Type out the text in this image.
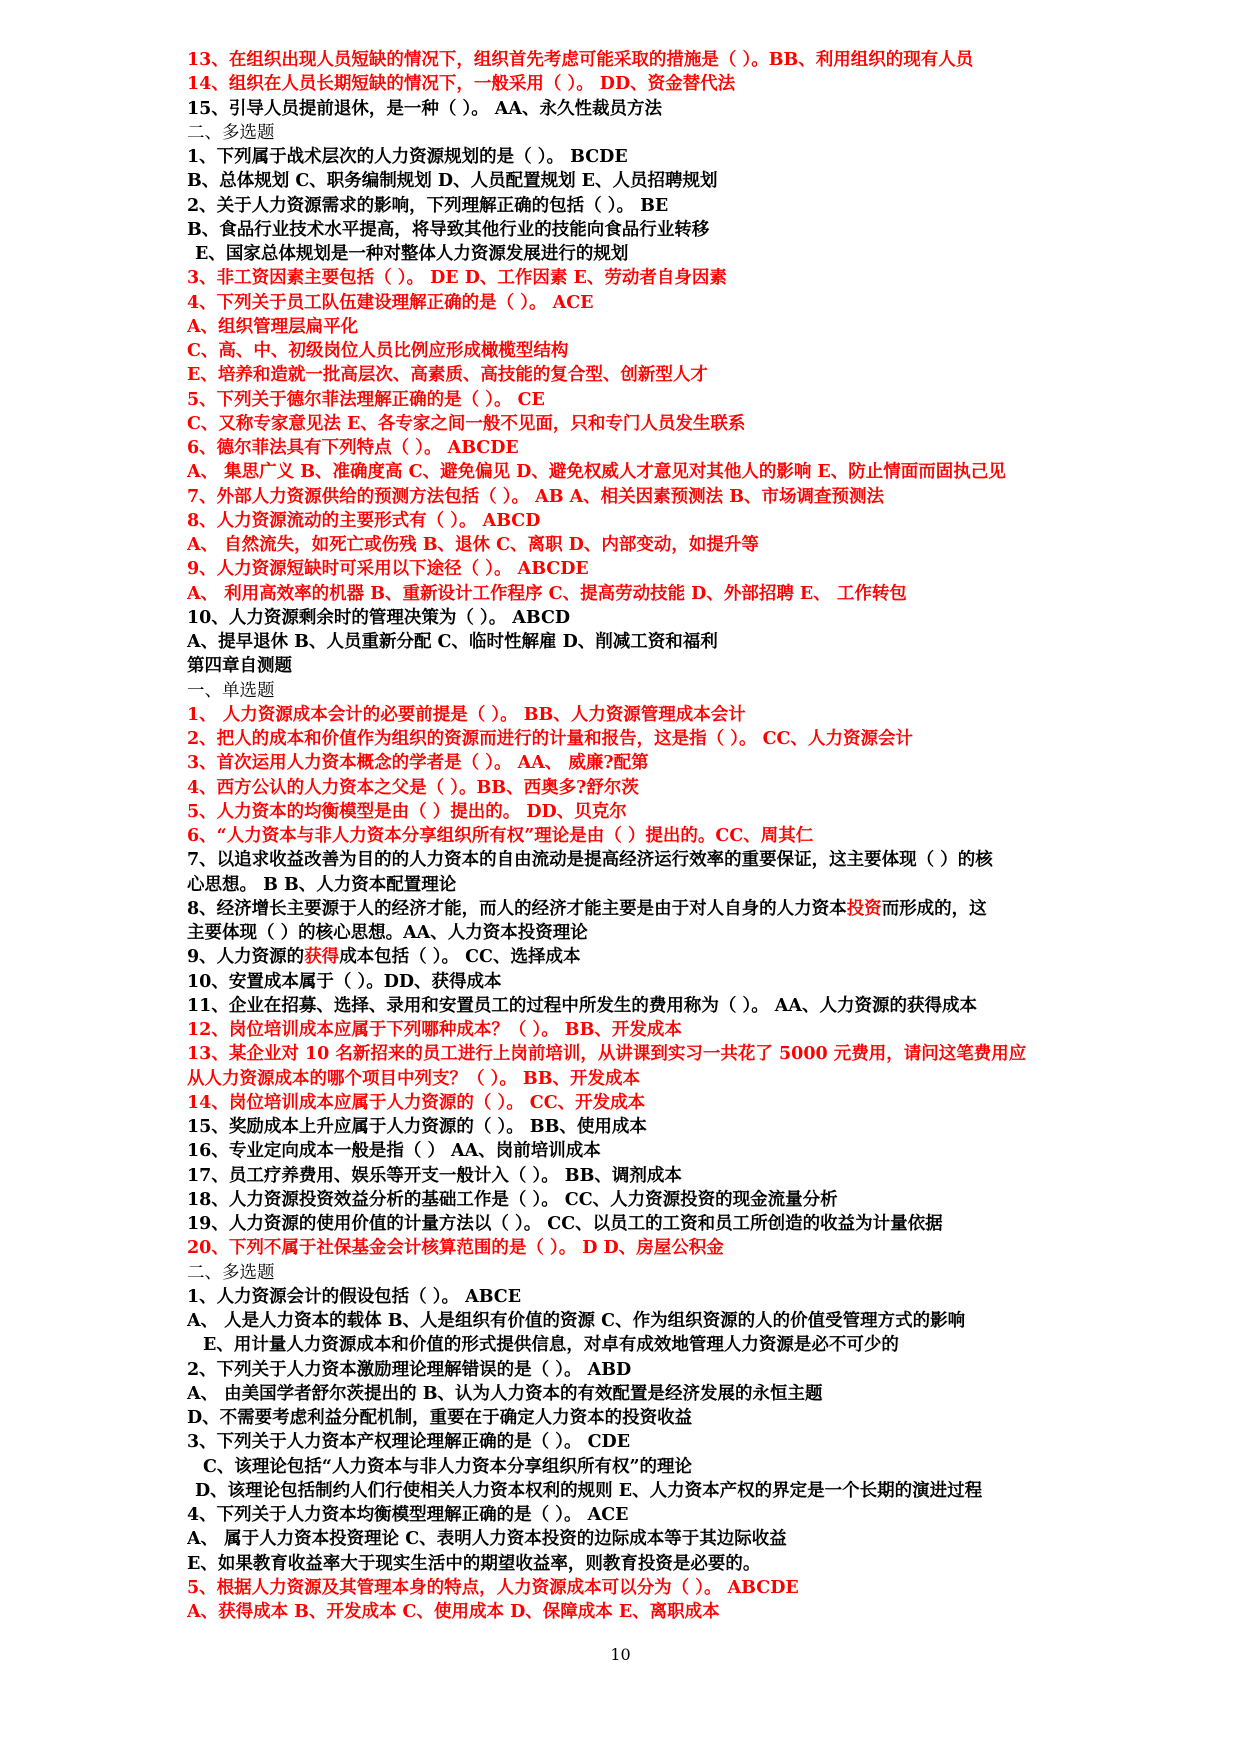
13、在组织出现人员短缺的情况下，组织首先考虑可能采取的措施是（ ）。BB、利用组织的现有人员
14、组织在人员长期短缺的情况下，一般采用（ ）。 DD、资金替代法
15、引导人员提前退休，是一种（ ）。 AA、永久性裁员方法
二、多选题
1、下列属于战术层次的人力资源规划的是（ ）。 BCDE
B、总体规划 C、职务编制规划 D、人员配置规划 E、人员招聘规划
2、关于人力资源需求的影响，下列理解正确的包括（ ）。 BE
B、食品行业技术水平提高，将导致其他行业的技能向食品行业转移
E、国家总体规划是一种对整体人力资源发展进行的规划
3、非工资因素主要包括（ ）。 DE D、工作因素 E、劳动者自身因素
4、下列关于员工队伍建设理解正确的是（ ）。 ACE
A、组织管理层扁平化
C、高、中、初级岗位人员比例应形成橄榄型结构
E、培养和造就一批高层次、高素质、高技能的复合型、创新型人才
5、下列关于德尔菲法理解正确的是（ ）。 CE
C、又称专家意见法 E、各专家之间一般不见面，只和专门人员发生联系
6、德尔菲法具有下列特点（ ）。 ABCDE
A、 集思广义 B、准确度高 C、避免偏见 D、避免权威人才意见对其他人的影响 E、防止情面而固执己见
7、外部人力资源供给的预测方法包括（ ）。 AB A、相关因素预测法 B、市场调查预测法
8、人力资源流动的主要形式有（ ）。 ABCD
A、 自然流失，如死亡或伤残 B、退休 C、离职 D、内部变动，如提升等
9、人力资源短缺时可采用以下途径（ ）。 ABCDE
A、 利用高效率的机器 B、重新设计工作程序 C、提高劳动技能 D、外部招聘 E、 工作转包
10、人力资源剩余时的管理决策为（ ）。 ABCD
A、提早退休 B、人员重新分配 C、临时性解雇 D、削减工资和福利
第四章自测题
一、单选题
1、 人力资源成本会计的必要前提是（ ）。 BB、人力资源管理成本会计
2、把人的成本和价值作为组织的资源而进行的计量和报告，这是指（ ）。 CC、人力资源会计
3、首次运用人力资本概念的学者是（ ）。 AA、 威廉?配第
4、西方公认的人力资本之父是（ ）。BB、西奥多?舒尔茨
5、人力资本的均衡模型是由（ ）提出的。 DD、贝克尔
6、“人力资本与非人力资本分享组织所有权”理论是由（ ）提出的。CC、周其仁
7、以追求收益改善为目的的人力资本的自由流动是提高经济运行效率的重要保证，这主要体现（ ）的核
心思想。 B B、人力资本配置理论
8、经济增长主要源于人的经济才能，而人的经济才能主要是由于对人自身的人力资本投资而形成的，这
主要体现（ ）的核心思想。AA、人力资本投资理论
9、人力资源的获得成本包括（ ）。 CC、选择成本
10、安置成本属于（ ）。DD、获得成本
11、企业在招募、选择、录用和安置员工的过程中所发生的费用称为（ ）。 AA、人力资源的获得成本
12、岗位培训成本应属于下列哪种成本？（ ）。 BB、开发成本
13、某企业对 10 名新招来的员工进行上岗前培训，从讲课到实习一共花了 5000 元费用，请问这笔费用应
从人力资源成本的哪个项目中列支？（ ）。 BB、开发成本
14、岗位培训成本应属于人力资源的（ ）。 CC、开发成本
15、奖励成本上升应属于人力资源的（ ）。 BB、使用成本
16、专业定向成本一般是指（ ） AA、岗前培训成本
17、员工疗养费用、娱乐等开支一般计入（ ）。 BB、调剂成本
18、人力资源投资效益分析的基础工作是（ ）。 CC、人力资源投资的现金流量分析
19、人力资源的使用价值的计量方法以（ ）。 CC、以员工的工资和员工所创造的收益为计量依据
20、下列不属于社保基金会计核算范围的是（ ）。 D D、房屋公积金
二、多选题
1、人力资源会计的假设包括（ ）。 ABCE
A、 人是人力资本的载体 B、人是组织有价值的资源 C、作为组织资源的人的价值受管理方式的影响
E、用计量人力资源成本和价值的形式提供信息，对卓有成效地管理人力资源是必不可少的
2、下列关于人力资本激励理论理解错误的是（ ）。 ABD
A、 由美国学者舒尔茨提出的 B、认为人力资本的有效配置是经济发展的永恒主题
D、不需要考虑利益分配机制，重要在于确定人力资本的投资收益
3、下列关于人力资本产权理论理解正确的是（ ）。 CDE
C、该理论包括“人力资本与非人力资本分享组织所有权”的理论
D、该理论包括制约人们行使相关人力资本权利的规则 E、人力资本产权的界定是一个长期的演进过程
4、下列关于人力资本均衡模型理解正确的是（ ）。 ACE
A、 属于人力资本投资理论 C、表明人力资本投资的边际成本等于其边际收益
E、如果教育收益率大于现实生活中的期望收益率，则教育投资是必要的。
5、根据人力资源及其管理本身的特点，人力资源成本可以分为（ ）。 ABCDE
A、获得成本 B、开发成本 C、使用成本 D、保障成本 E、离职成本
10
